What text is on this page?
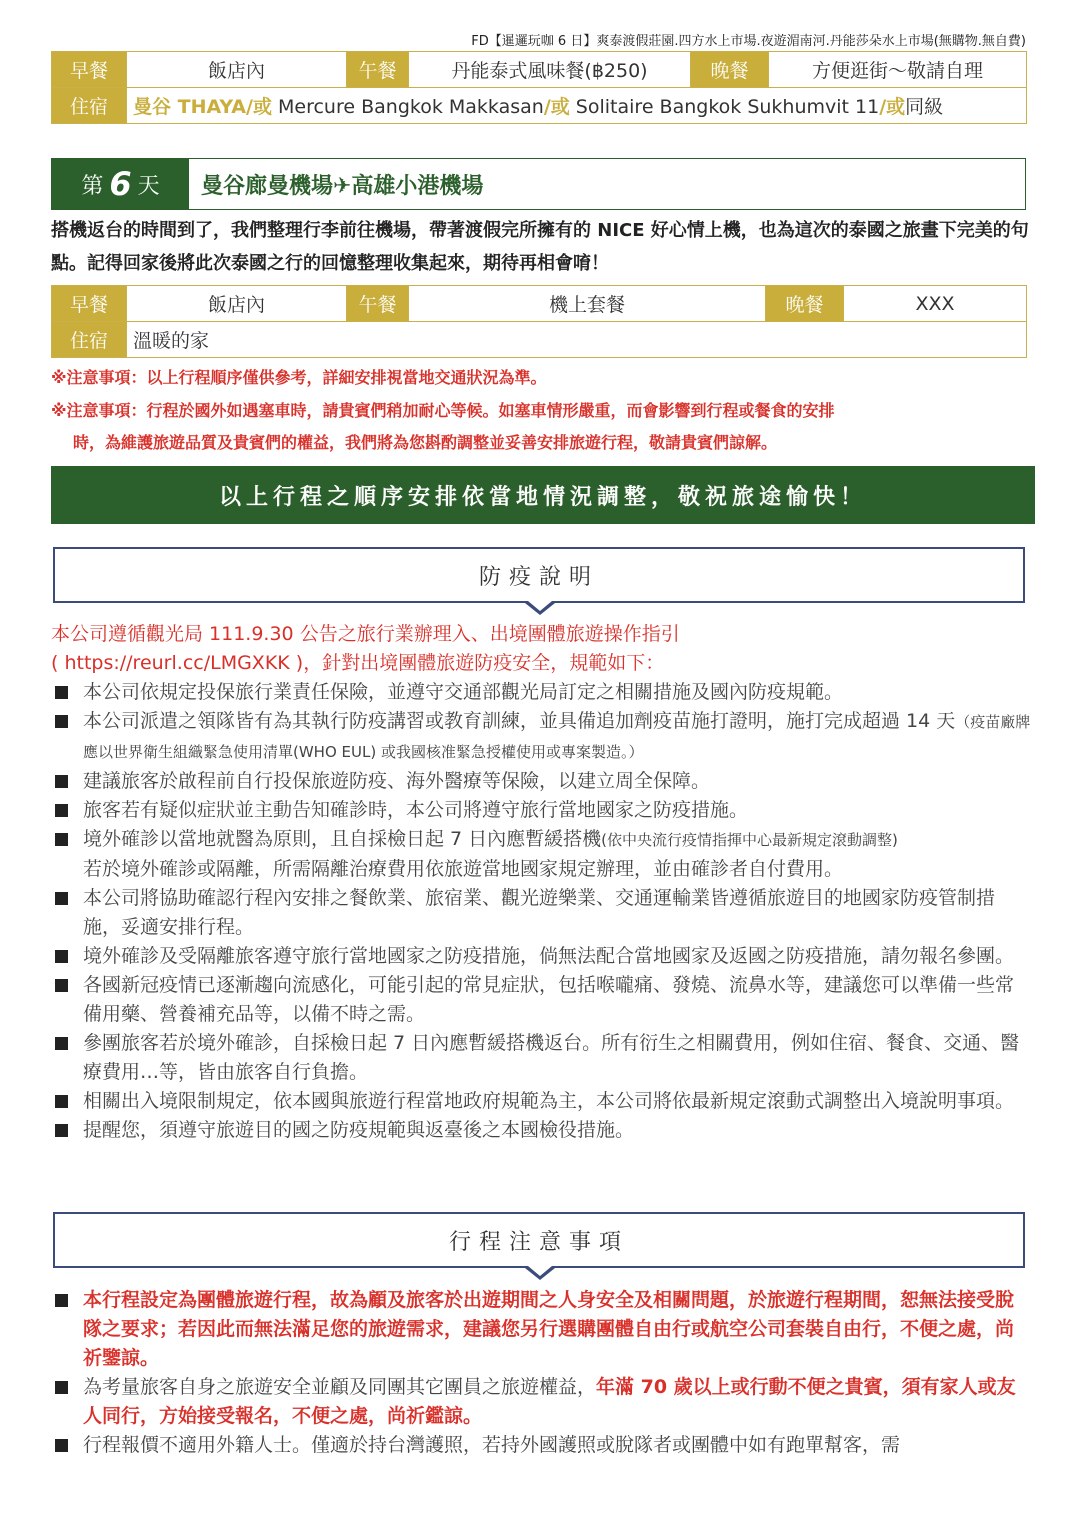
FD【暹邏玩咖 6 日】爽泰渡假莊園.四方水上市場.夜遊湄南河.丹能莎朵水上市場(無購物.無自費)
早餐	飯店內	午餐	丹能泰式風味餐(฿250)	晚餐	方便逛街～敬請自理
住宿	曼谷 THAYA/或 Mercure Bangkok Makkasan/或 Solitaire Bangkok Sukhumvit 11/或同級				
第 6 天	曼谷廊曼機場✈高雄小港機場
搭機返台的時間到了，我們整理行李前往機場，帶著渡假完所擁有的 NICE 好心情上機，也為這次的泰國之旅畫下完美的句點。記得回家後將此次泰國之行的回憶整理收集起來，期待再相會唷！
早餐	飯店內	午餐	機上套餐	晚餐	XXX
住宿	溫暖的家				
※注意事項：以上行程順序僅供參考，詳細安排視當地交通狀況為準。
※注意事項：行程於國外如遇塞車時，請貴賓們稍加耐心等候。如塞車情形嚴重，而會影響到行程或餐食的安排
時，為維護旅遊品質及貴賓們的權益，我們將為您斟酌調整並妥善安排旅遊行程，敬請貴賓們諒解。
以上行程之順序安排依當地情況調整，敬祝旅途愉快！
防疫說明
本公司遵循觀光局 111.9.30 公告之旅行業辦理入、出境團體旅遊操作指引
( https://reurl.cc/LMGXKK )，針對出境團體旅遊防疫安全，規範如下：
本公司依規定投保旅行業責任保險，並遵守交通部觀光局訂定之相關措施及國內防疫規範。
本公司派遣之領隊皆有為其執行防疫講習或教育訓練，並具備追加劑疫苗施打證明，施打完成超過 14 天（疫苗廠牌應以世界衛生組織緊急使用清單(WHO EUL) 或我國核准緊急授權使用或專案製造。）
建議旅客於啟程前自行投保旅遊防疫、海外醫療等保險，以建立周全保障。
旅客若有疑似症狀並主動告知確診時，本公司將遵守旅行當地國家之防疫措施。
境外確診以當地就醫為原則，且自採檢日起 7 日內應暫緩搭機(依中央流行疫情指揮中心最新規定滾動調整)
若於境外確診或隔離，所需隔離治療費用依旅遊當地國家規定辦理，並由確診者自付費用。
本公司將協助確認行程內安排之餐飲業、旅宿業、觀光遊樂業、交通運輸業皆遵循旅遊目的地國家防疫管制措施，妥適安排行程。
境外確診及受隔離旅客遵守旅行當地國家之防疫措施，倘無法配合當地國家及返國之防疫措施，請勿報名參團。
各國新冠疫情已逐漸趨向流感化，可能引起的常見症狀，包括喉嚨痛、發燒、流鼻水等，建議您可以準備一些常備用藥、營養補充品等，以備不時之需。
參團旅客若於境外確診，自採檢日起 7 日內應暫緩搭機返台。所有衍生之相關費用，例如住宿、餐食、交通、醫療費用…等，皆由旅客自行負擔。
相關出入境限制規定，依本國與旅遊行程當地政府規範為主，本公司將依最新規定滾動式調整出入境說明事項。
提醒您，須遵守旅遊目的國之防疫規範與返臺後之本國檢役措施。
行程注意事項
本行程設定為團體旅遊行程，故為顧及旅客於出遊期間之人身安全及相關問題，於旅遊行程期間，恕無法接受脫隊之要求；若因此而無法滿足您的旅遊需求，建議您另行選購團體自由行或航空公司套裝自由行，不便之處，尚祈鑒諒。
為考量旅客自身之旅遊安全並顧及同團其它團員之旅遊權益，年滿 70 歲以上或行動不便之貴賓，須有家人或友人同行，方始接受報名，不便之處，尚祈鑑諒。
行程報價不適用外籍人士。僅適於持台灣護照，若持外國護照或脫隊者或團體中如有跑單幫客，需
